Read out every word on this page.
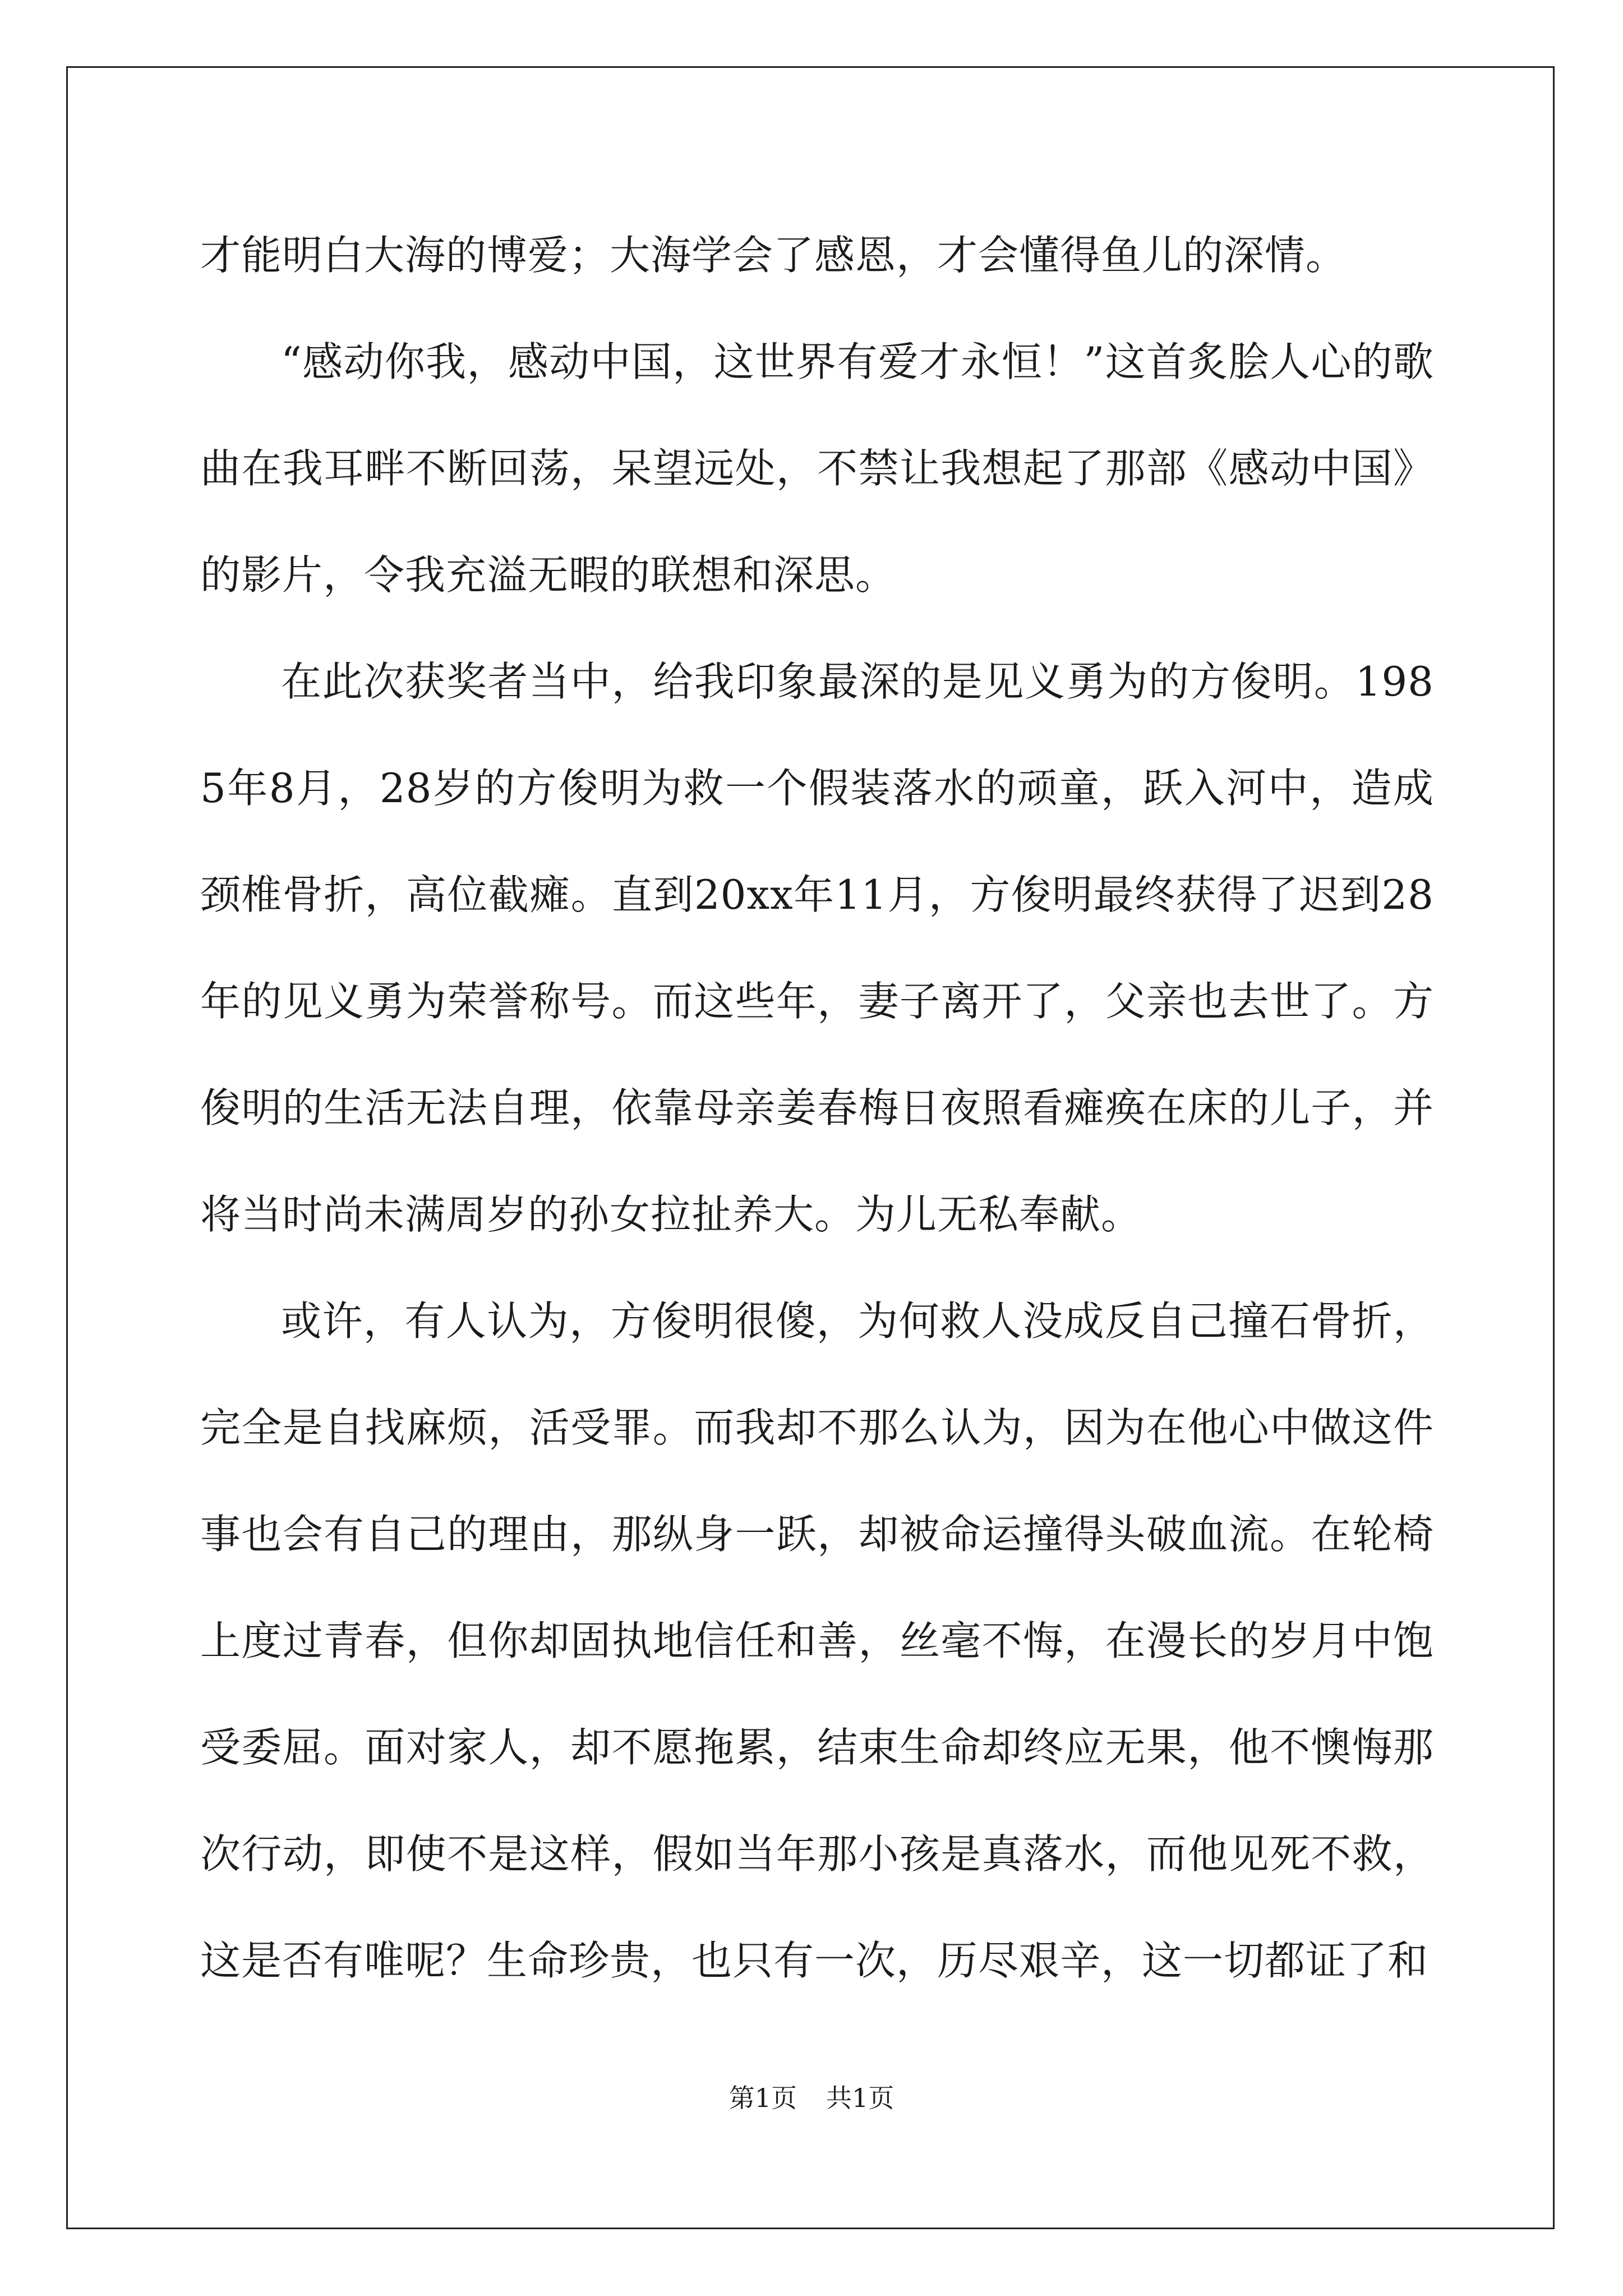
才能明白大海的博爱；大海学会了感恩，才会懂得鱼儿的深情。

“感动你我，感动中国，这世界有爱才永恒！”这首炙脍人心的歌曲在我耳畔不断回荡，呆望远处，不禁让我想起了那部《感动中国》的影片，令我充溢无暇的联想和深思。

在此次获奖者当中，给我印象最深的是见义勇为的方俊明。1985年8月，28岁的方俊明为救一个假装落水的顽童，跃入河中，造成颈椎骨折，高位截瘫。直到20xx年11月，方俊明最终获得了迟到28年的见义勇为荣誉称号。而这些年，妻子离开了，父亲也去世了。方俊明的生活无法自理，依靠母亲姜春梅日夜照看瘫痪在床的儿子，并将当时尚未满周岁的孙女拉扯养大。为儿无私奉献。

或许，有人认为，方俊明很傻，为何救人没成反自己撞石骨折，完全是自找麻烦，活受罪。而我却不那么认为，因为在他心中做这件事也会有自己的理由，那纵身一跃，却被命运撞得头破血流。在轮椅上度过青春，但你却固执地信任和善，丝毫不悔，在漫长的岁月中饱受委屈。面对家人，却不愿拖累，结束生命却终应无果，他不懊悔那次行动，即使不是这样，假如当年那小孩是真落水，而他见死不救，这是否有唯呢？生命珍贵，也只有一次，历尽艰辛，这一切都证了和

第1页 共1页
